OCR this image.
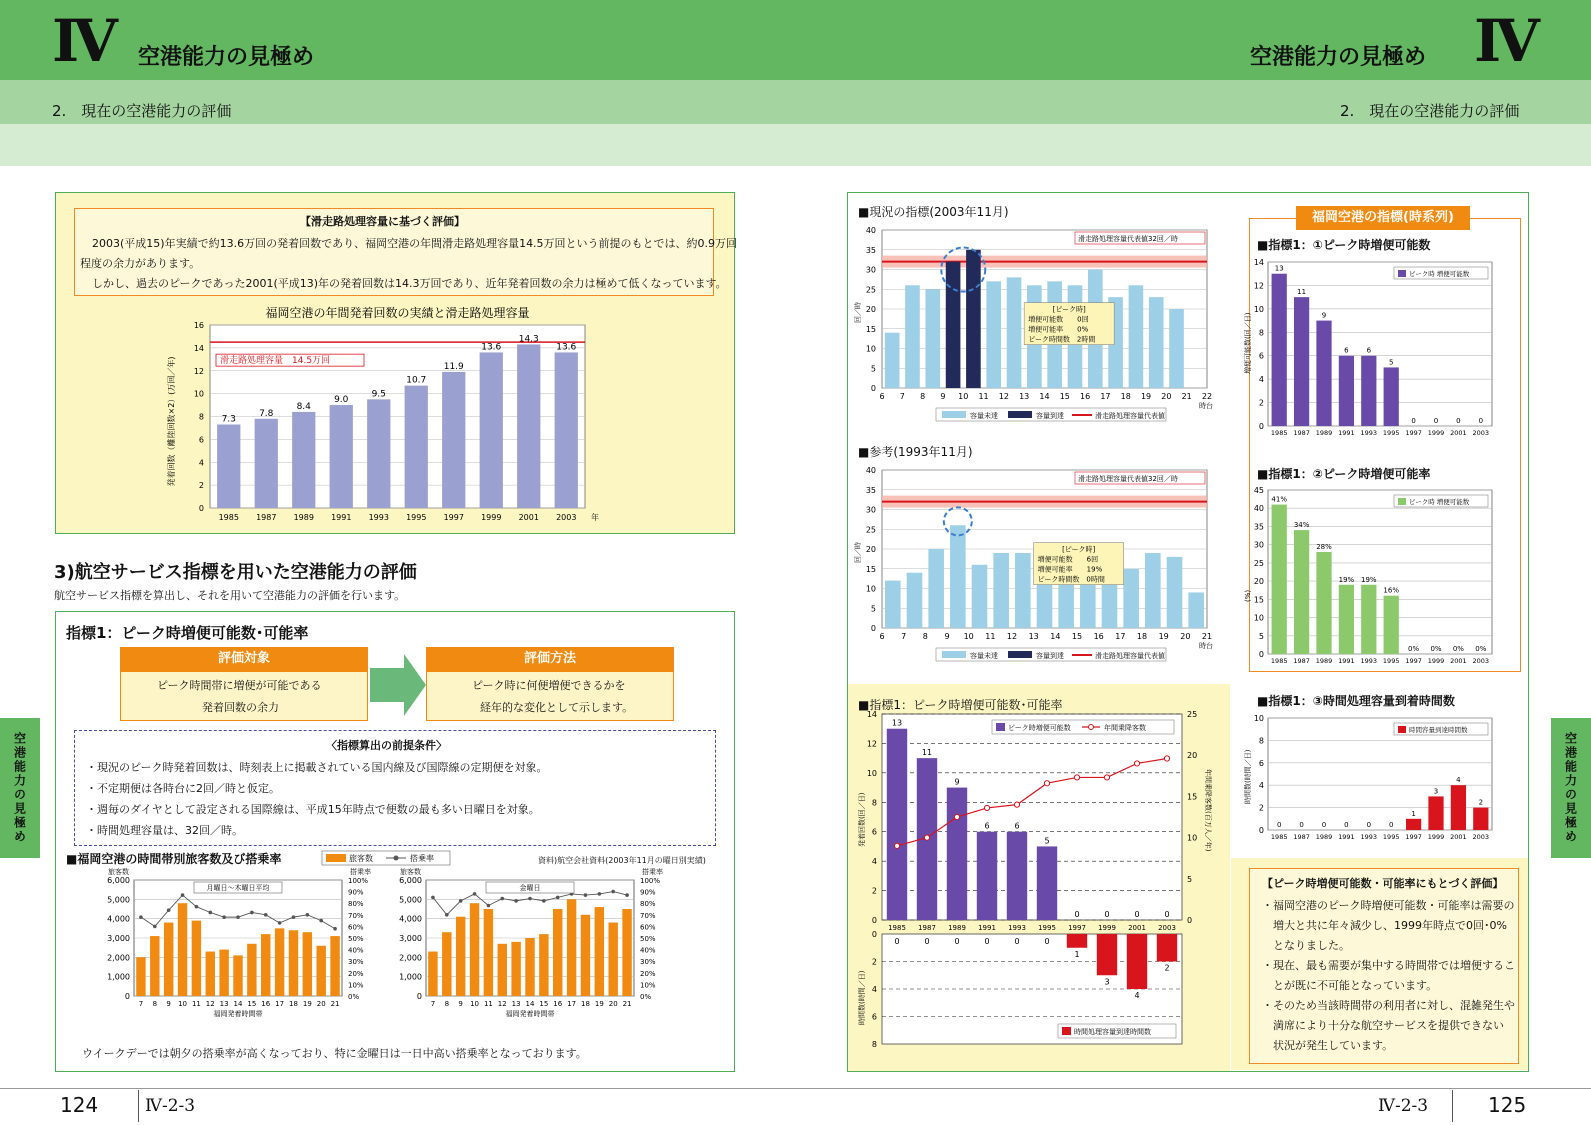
Ⅳ 空港能力の見極め	空港能力の見極め Ⅳ
2.　現在の空港能力の評価	2.　現在の空港能力の評価
空港能力の見極め	空港能力の見極め
【滑走路処理容量に基づく評価】
2003(平成15)年実績で約13.6万回の発着回数であり、福岡空港の年間滑走路処理容量14.5万回という前提のもとでは、約0.9万回
程度の余力があります。
しかし、過去のピークであった2001(平成13)年の発着回数は14.3万回であり、近年発着回数の余力は極めて低くなっています。
福岡空港の年間発着回数の実績と滑走路処理容量
0
2
4
6
8
10
12
14
16
滑走路処理容量　14.5万回
7.3
1985
7.8
1987
8.4
1989
9.0
1991
9.5
1993
10.7
1995
11.9
1997
13.6
1999
14.3
2001
13.6
2003 年
発着回数（離陸回数×2）(万回／年)
3)航空サービス指標を用いた空港能力の評価
航空サービス指標を算出し、それを用いて空港能力の評価を行います。
指標1：ピーク時増便可能数･可能率
評価対象
ピーク時間帯に増便が可能である
発着回数の余力
評価方法
ピーク時に何便増便できるかを
経年的な変化として示します。
〈指標算出の前提条件〉
・現況のピーク時発着回数は、時刻表上に掲載されている国内線及び国際線の定期便を対象。
・不定期便は各時台に2回／時と仮定。
・週毎のダイヤとして設定される国際線は、平成15年時点で便数の最も多い日曜日を対象。
・時間処理容量は、32回／時。
■福岡空港の時間帯別旅客数及び搭乗率	資料)航空会社資料(2003年11月の曜日別実績)
旅客数	搭乗率
旅客数	搭乗率
0
1,000
2,000
3,000
4,000
5,000
6,000
0%
10%
20%
30%
40%
50%
60%
70%
80%
90%
100%
7 8 9 10 11 12 13 14 15 16 17 18 19 20 21
月曜日～木曜日平均
福岡発着時間帯
旅客数	搭乗率
0
1,000
2,000
3,000
4,000
5,000
6,000
0%
10%
20%
30%
40%
50%
60%
70%
80%
90%
100%
7 8 9 10 11 12 13 14 15 16 17 18 19 20 21
金曜日
福岡発着時間帯
ウイークデーでは朝夕の搭乗率が高くなっており、特に金曜日は一日中高い搭乗率となっております。
■現況の指標(2003年11月)
0
5
10
15
20
25
30
35
40
滑走路処理容量代表値32回／時
6 7 8 9 10 11 12 13 14 15 16 17 18 19 20 21 22
時台
回／時	[ピーク時]
増便可能数　　0回
増便可能率　　0%
ピーク時間数　2時間
容量未達	容量到達	滑走路処理容量代表値
■参考(1993年11月)
0
5
10
15
20
25
30
35
40
滑走路処理容量代表値32回／時
6 7 8 9 10 11 12 13 14 15 16 17 18 19 20 21
時台
回／時	[ピーク時]
増便可能数　　6回
増便可能率　　19%
ピーク時間数　0時間
容量未達	容量到達	滑走路処理容量代表値
■指標1：ピーク時増便可能数･可能率
0
2
4
6
8
10
12
14
0
5
10
15
20
25
13
11
9
6	6
5
0	0	0	0
1985 1987 1989 1991 1993 1995 1997 1999 2001 2003
ピーク時増便可能数	年間乗降客数
発着回数(回／日)	年間乗降客数(百万人／年)
0
2
4
6
8
0	0	0	0	0	0
1
3
4
2
時間処理容量到達時間数
時間数(時間／日)
福岡空港の指標(時系列)
■指標1：①ピーク時増便可能数
0
2
4
6
8
10
12
14
13
1985
11
1987
9
1989
6
1991
6
1993
5
1995
0
1997
0
1999
0
2001
0
2003
ピーク時 増便可能数
増便可能数(回／日)
■指標1：②ピーク時増便可能率
0
5
10
15
20
25
30
35
40
45
41%
1985
34%
1987
28%
1989
19%
1991
19%
1993
16%
1995
0%
1997
0%
1999
0%
2001
0%
2003
ピーク時 増便可能数
(%)
■指標1：③時間処理容量到着時間数
0
2
4
6
8
10
0
1985
0
1987
0
1989
0
1991
0
1993
0
1995
1
1997
3
1999
4
2001
2
2003
時間容量到達時間数
時間数(時間／日)
【ピーク時増便可能数・可能率にもとづく評価】
・福岡空港のピーク時増便可能数・可能率は需要の
　増大と共に年々減少し、1999年時点で0回･0%
　となりました。
・現在、最も需要が集中する時間帯では増便するこ
　とが既に不可能となっています。
・そのため当該時間帯の利用者に対し、混雑発生や
　満席により十分な航空サービスを提供できない
　状況が発生しています。
124	Ⅳ-2-3	Ⅳ-2-3	125
